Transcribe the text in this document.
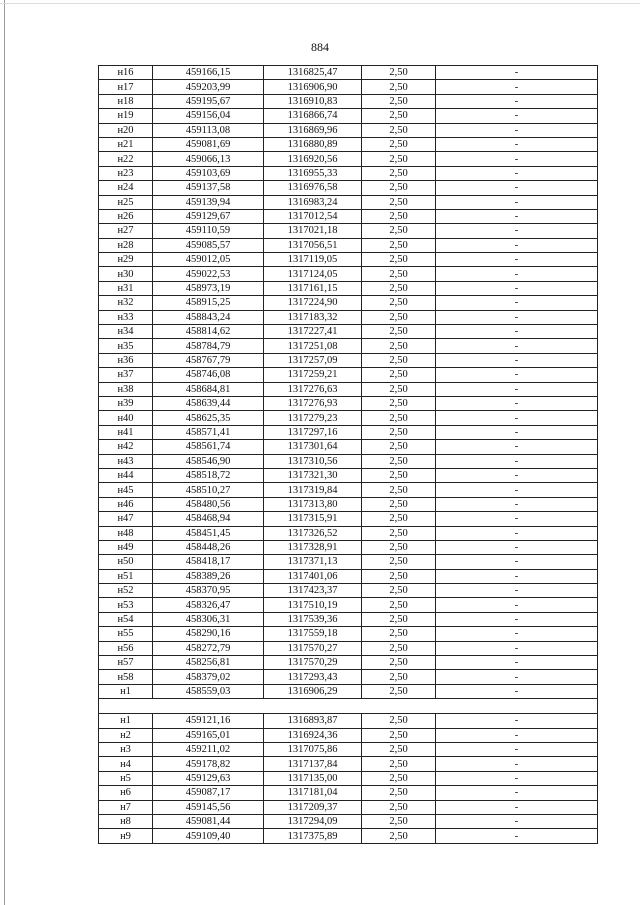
884
н16	459166,15	1316825,47	2,50	-
н17	459203,99	1316906,90	2,50	-
н18	459195,67	1316910,83	2,50	-
н19	459156,04	1316866,74	2,50	-
н20	459113,08	1316869,96	2,50	-
н21	459081,69	1316880,89	2,50	-
н22	459066,13	1316920,56	2,50	-
н23	459103,69	1316955,33	2,50	-
н24	459137,58	1316976,58	2,50	-
н25	459139,94	1316983,24	2,50	-
н26	459129,67	1317012,54	2,50	-
н27	459110,59	1317021,18	2,50	-
н28	459085,57	1317056,51	2,50	-
н29	459012,05	1317119,05	2,50	-
н30	459022,53	1317124,05	2,50	-
н31	458973,19	1317161,15	2,50	-
н32	458915,25	1317224,90	2,50	-
н33	458843,24	1317183,32	2,50	-
н34	458814,62	1317227,41	2,50	-
н35	458784,79	1317251,08	2,50	-
н36	458767,79	1317257,09	2,50	-
н37	458746,08	1317259,21	2,50	-
н38	458684,81	1317276,63	2,50	-
н39	458639,44	1317276,93	2,50	-
н40	458625,35	1317279,23	2,50	-
н41	458571,41	1317297,16	2,50	-
н42	458561,74	1317301,64	2,50	-
н43	458546,90	1317310,56	2,50	-
н44	458518,72	1317321,30	2,50	-
н45	458510,27	1317319,84	2,50	-
н46	458480,56	1317313,80	2,50	-
н47	458468,94	1317315,91	2,50	-
н48	458451,45	1317326,52	2,50	-
н49	458448,26	1317328,91	2,50	-
н50	458418,17	1317371,13	2,50	-
н51	458389,26	1317401,06	2,50	-
н52	458370,95	1317423,37	2,50	-
н53	458326,47	1317510,19	2,50	-
н54	458306,31	1317539,36	2,50	-
н55	458290,16	1317559,18	2,50	-
н56	458272,79	1317570,27	2,50	-
н57	458256,81	1317570,29	2,50	-
н58	458379,02	1317293,43	2,50	-
н1	458559,03	1316906,29	2,50	-

н1	459121,16	1316893,87	2,50	-
н2	459165,01	1316924,36	2,50	-
н3	459211,02	1317075,86	2,50	-
н4	459178,82	1317137,84	2,50	-
н5	459129,63	1317135,00	2,50	-
н6	459087,17	1317181,04	2,50	-
н7	459145,56	1317209,37	2,50	-
н8	459081,44	1317294,09	2,50	-
н9	459109,40	1317375,89	2,50	-
